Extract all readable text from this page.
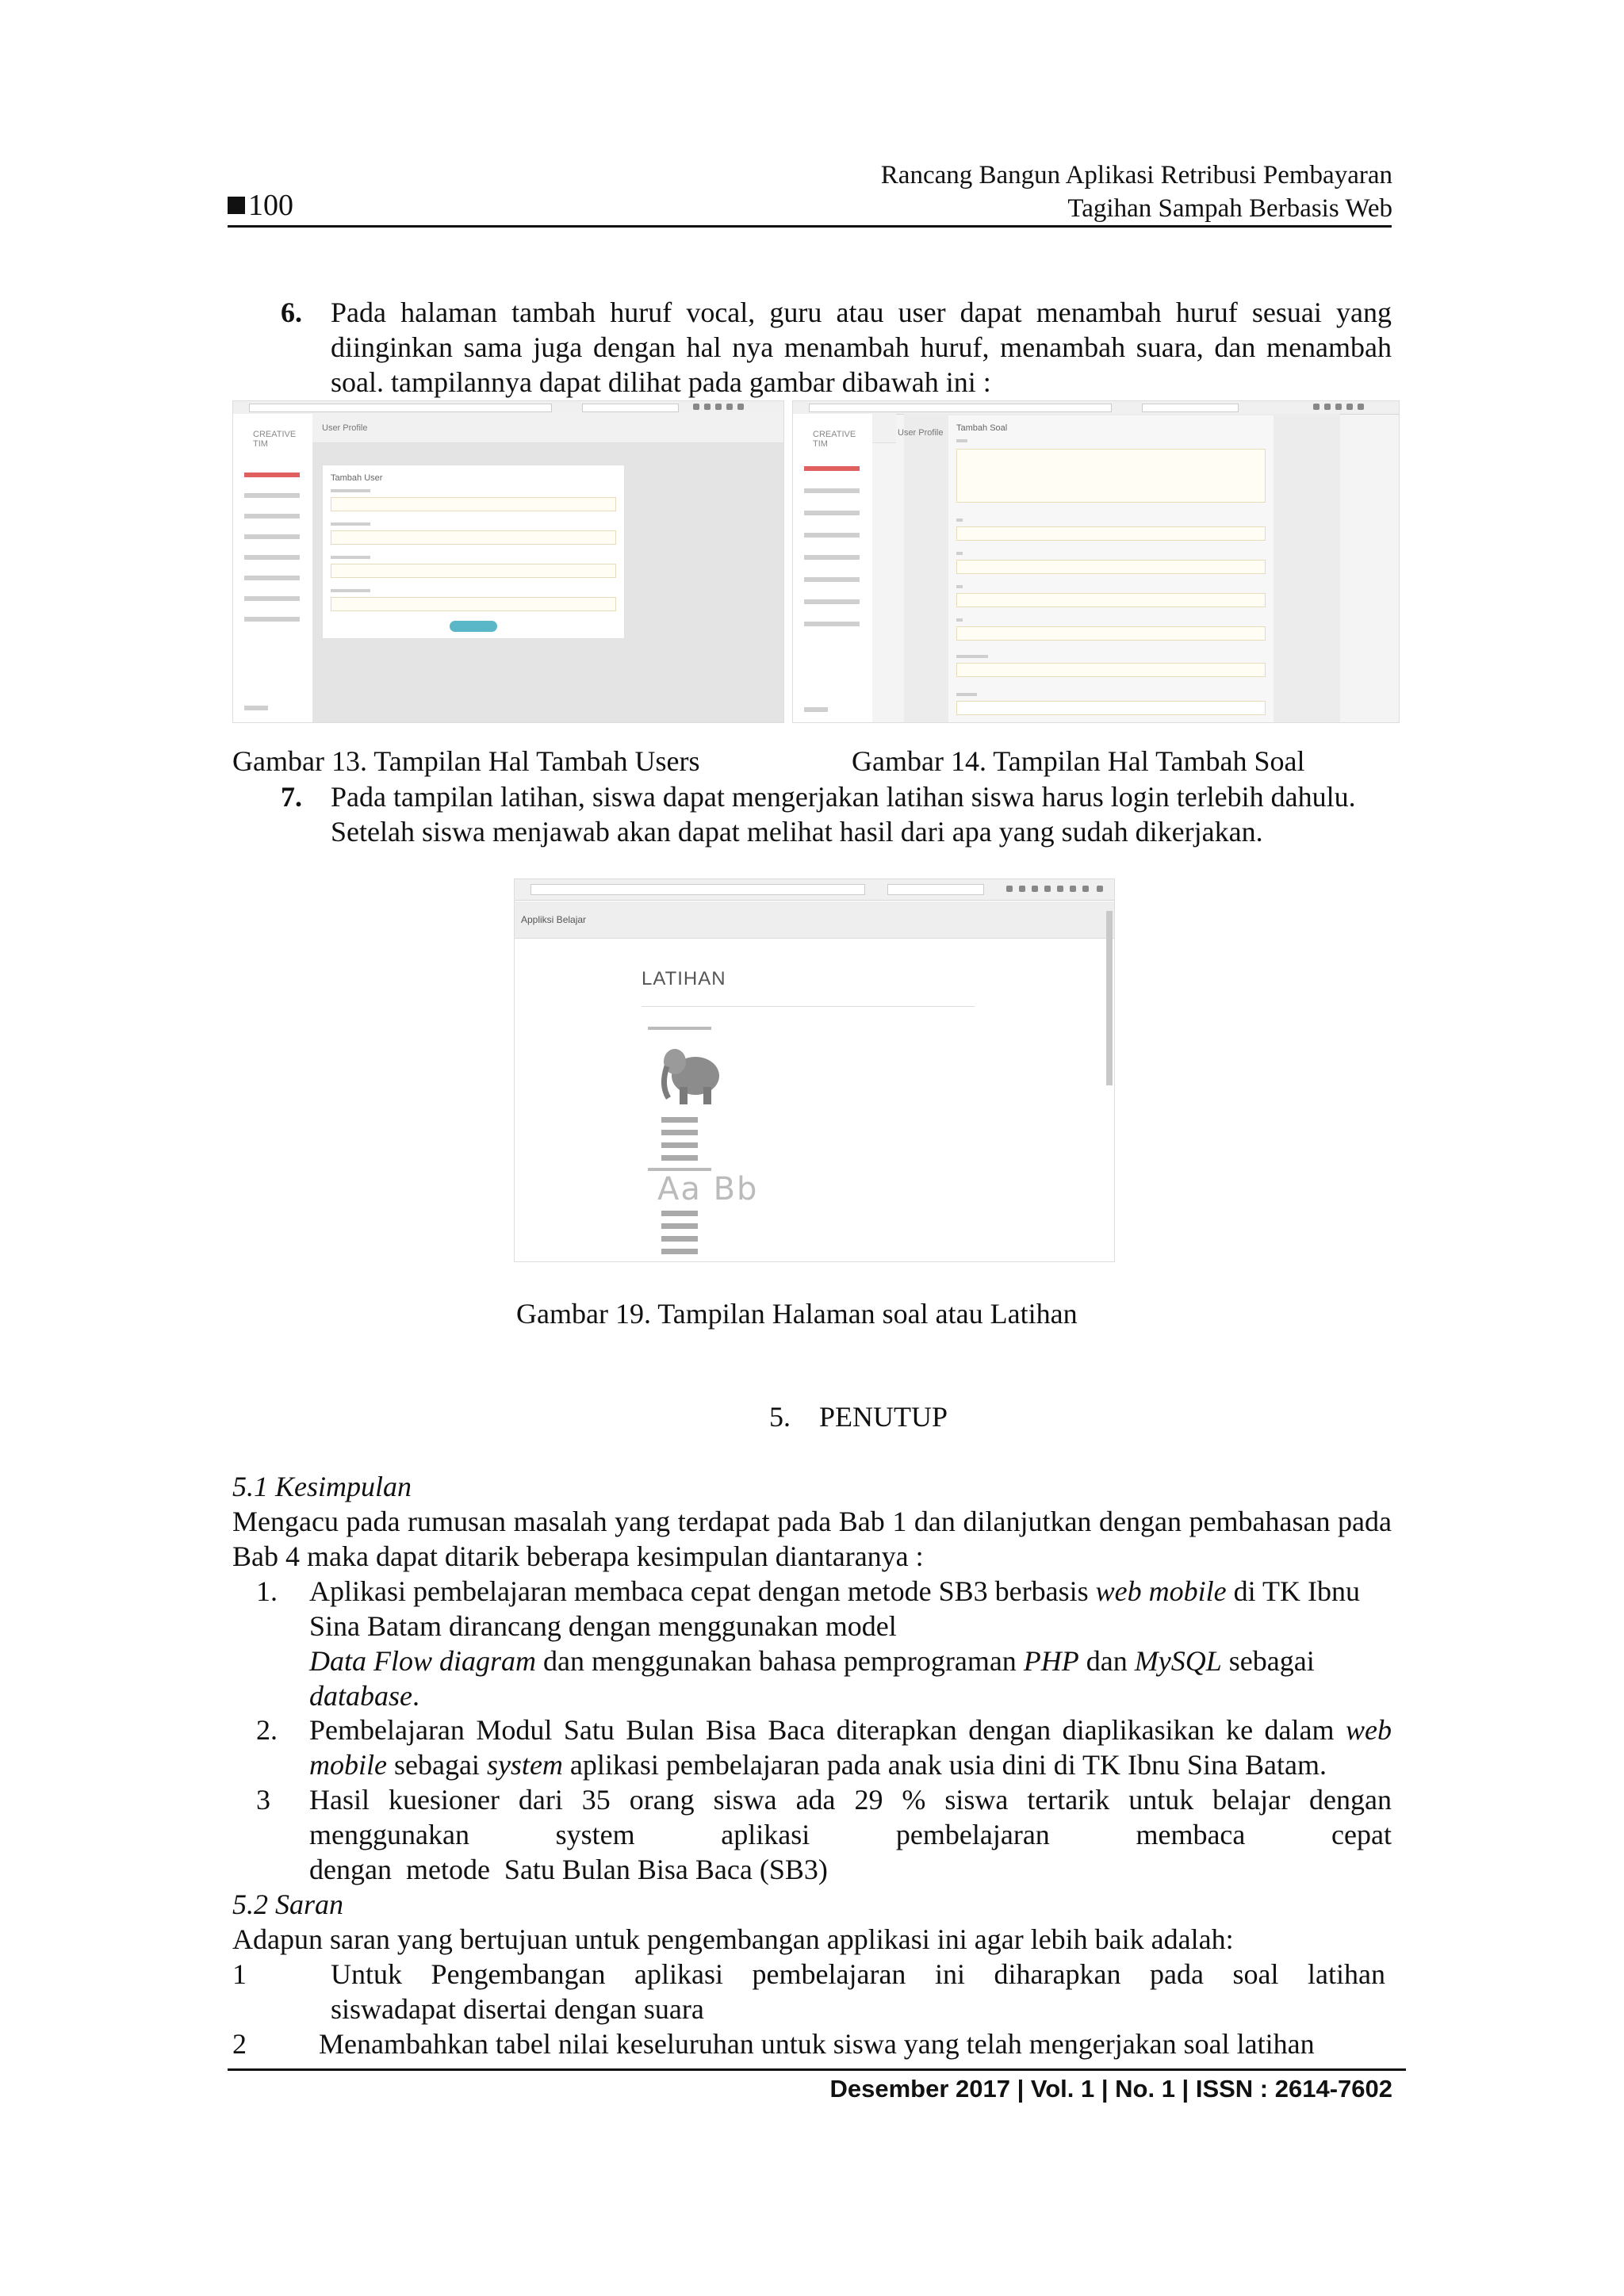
Rancang Bangun Aplikasi Retribusi Pembayaran
Tagihan Sampah Berbasis Web
100
6. Pada halaman tambah huruf vocal, guru atau user dapat menambah huruf sesuai yang diinginkan sama juga dengan hal nya menambah huruf, menambah suara, dan menambah soal. tampilannya dapat dilihat pada gambar dibawah ini :
CREATIVE TIM
User Profile
Tambah User
CREATIVE TIM
User Profile Tambah Soal
Gambar 13. Tampilan Hal Tambah Users	Gambar 14. Tampilan Hal Tambah Soal
7. Pada tampilan latihan, siswa dapat mengerjakan latihan siswa harus login terlebih dahulu. Setelah siswa menjawab akan dapat melihat hasil dari apa yang sudah dikerjakan.
Appliksi Belajar
LATIHAN
Aa Bb
Gambar 19. Tampilan Halaman soal atau Latihan
5.    PENUTUP
5.1 Kesimpulan
Mengacu pada rumusan masalah yang terdapat pada Bab 1 dan dilanjutkan dengan pembahasan pada Bab 4 maka dapat ditarik beberapa kesimpulan diantaranya :
1. Aplikasi pembelajaran membaca cepat dengan metode SB3 berbasis web mobile di TK Ibnu Sina Batam dirancang dengan menggunakan model
Data Flow diagram dan menggunakan bahasa pemprograman PHP dan MySQL sebagai
database.
2. Pembelajaran Modul Satu Bulan Bisa Baca diterapkan dengan diaplikasikan ke dalam web mobile sebagai system aplikasi pembelajaran pada anak usia dini di TK Ibnu Sina Batam.
3 Hasil kuesioner dari 35 orang siswa ada 29 % siswa tertarik untuk belajar dengan menggunakan system aplikasi pembelajaran membaca cepat
dengan  metode  Satu Bulan Bisa Baca (SB3)
5.2 Saran
Adapun saran yang bertujuan untuk pengembangan applikasi ini agar lebih baik adalah:
1	Untuk Pengembangan aplikasi pembelajaran ini diharapkan pada soal latihan
siswadapat disertai dengan suara
2	Menambahkan tabel nilai keseluruhan untuk siswa yang telah mengerjakan soal latihan
Desember 2017 | Vol. 1 | No. 1 | ISSN : 2614-7602
